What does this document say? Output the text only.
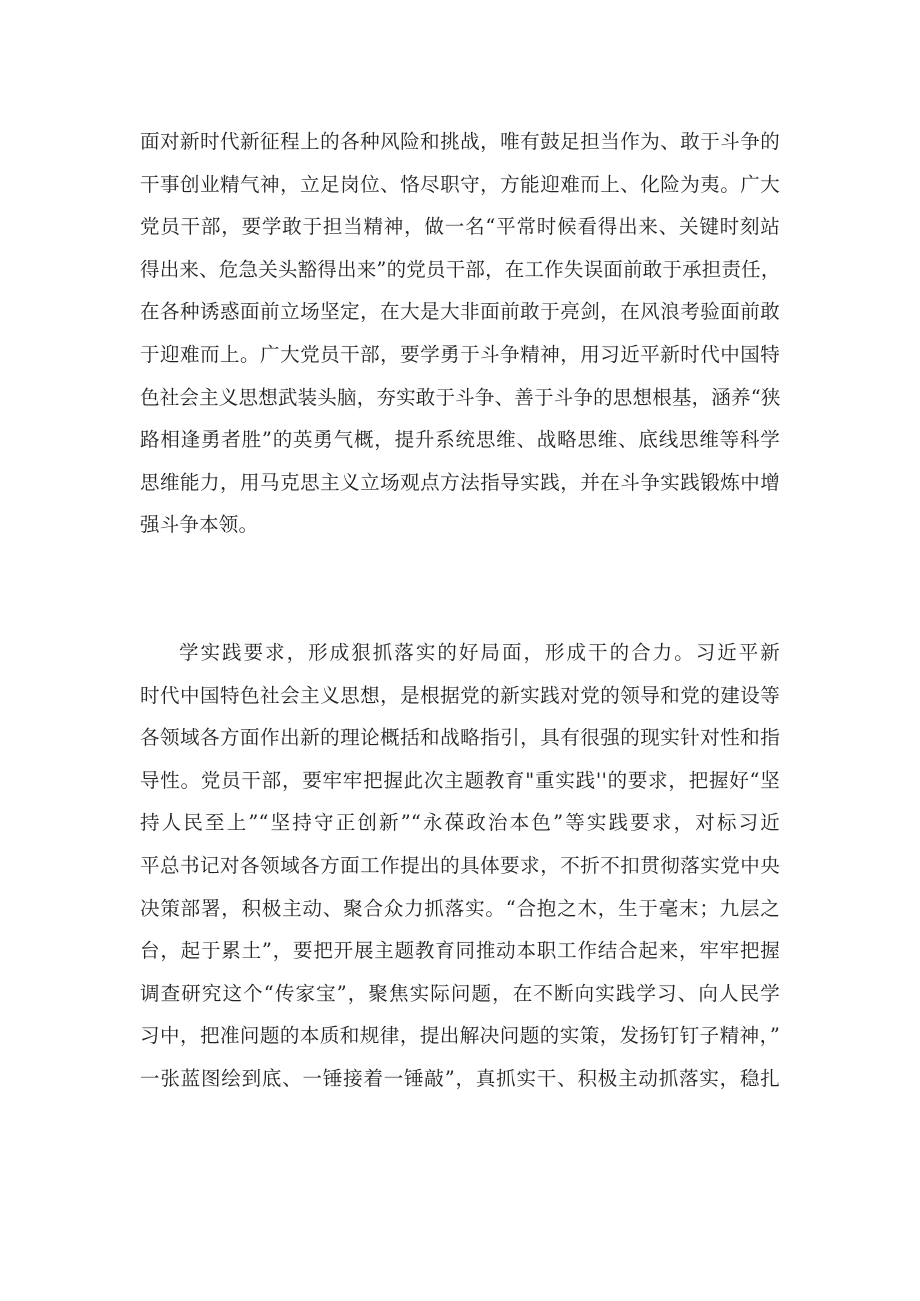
面对新时代新征程上的各种风险和挑战，唯有鼓足担当作为、敢于斗争的
干事创业精气神，立足岗位、恪尽职守，方能迎难而上、化险为夷。广大
党员干部，要学敢于担当精神，做一名“平常时候看得出来、关键时刻站
得出来、危急关头豁得出来”的党员干部，在工作失误面前敢于承担责任，
在各种诱惑面前立场坚定，在大是大非面前敢于亮剑，在风浪考验面前敢
于迎难而上。广大党员干部，要学勇于斗争精神，用习近平新时代中国特
色社会主义思想武装头脑，夯实敢于斗争、善于斗争的思想根基，涵养“狭
路相逢勇者胜”的英勇气概，提升系统思维、战略思维、底线思维等科学
思维能力，用马克思主义立场观点方法指导实践，并在斗争实践锻炼中增
强斗争本领。
学实践要求，形成狠抓落实的好局面，形成干的合力。习近平新
时代中国特色社会主义思想，是根据党的新实践对党的领导和党的建设等
各领域各方面作出新的理论概括和战略指引，具有很强的现实针对性和指
导性。党员干部，要牢牢把握此次主题教育"重实践''的要求，把握好“坚
持人民至上”“坚持守正创新”“永葆政治本色”等实践要求，对标习近
平总书记对各领域各方面工作提出的具体要求，不折不扣贯彻落实党中央
决策部署，积极主动、聚合众力抓落实。“合抱之木，生于毫末；九层之
台，起于累土”，要把开展主题教育同推动本职工作结合起来，牢牢把握
调查研究这个“传家宝”，聚焦实际问题，在不断向实践学习、向人民学
习中，把准问题的本质和规律，提出解决问题的实策，发扬钉钉子精神，”
一张蓝图绘到底、一锤接着一锤敲”，真抓实干、积极主动抓落实，稳扎
